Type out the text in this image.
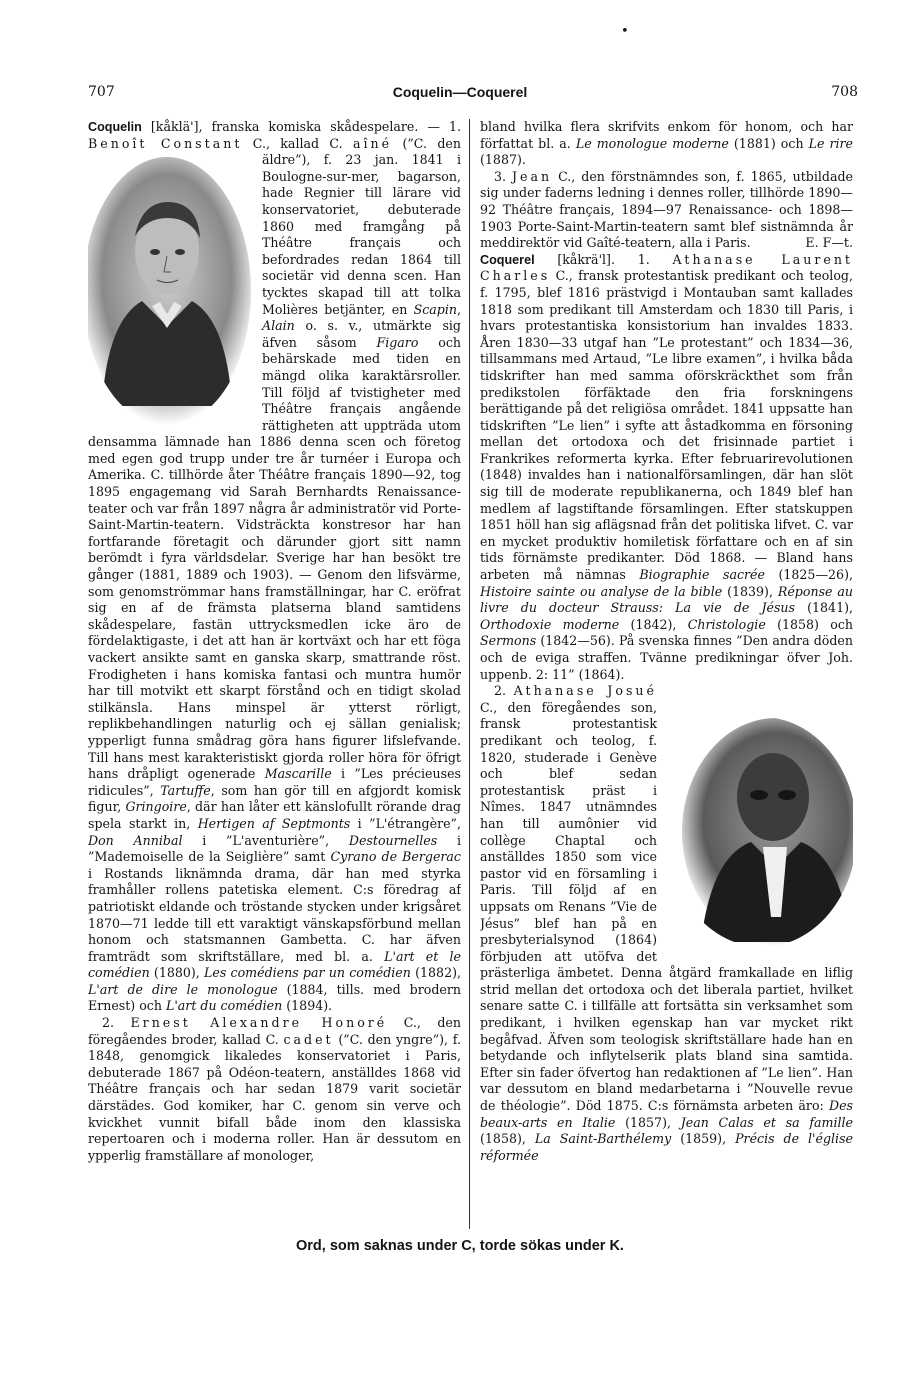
•
707	Coquelin—Coquerel	708

Coquelin [kåklä'], franska komiska skådespelare. — 1. Benoît Constant C., kallad C. aîné
(”C. den äldre”), f. 23 jan. 1841 i Boulogne-sur-mer, bagarson, hade Regnier till lärare vid konservatoriet, debuterade 1860 med framgång på Théâtre français och befordrades redan 1864 till societär vid denna scen. Han tycktes skapad till att tolka Molières betjänter, en Scapin, Alain o. s. v., utmärkte sig äfven såsom Figaro och behärskade med tiden en mängd olika karaktärsroller. Till följd af tvistigheter med Théâtre français angående rättigheten att uppträda utom densamma lämnade han 1886 denna scen och företog med egen god trupp under tre år turnéer i Europa och Amerika. C. tillhörde åter Théâtre français 1890—92, tog 1895 engagemang vid Sarah Bernhardts Renaissance-teater och var från 1897 några år administratör vid Porte-Saint-Martin-teatern. Vidsträckta konstresor har han fortfarande företagit och därunder gjort sitt namn berömdt i fyra världsdelar. Sverige har han besökt tre gånger (1881, 1889 och 1903). — Genom den lifsvärme, som genomströmmar hans framställningar, har C. eröfrat sig en af de främsta platserna bland samtidens skådespelare, fastän uttrycksmedlen icke äro de fördelaktigaste, i det att han är kortväxt och har ett föga vackert ansikte samt en ganska skarp, smattrande röst. Frodigheten i hans komiska fantasi och muntra humör har till motvikt ett skarpt förstånd och en tidigt skolad stilkänsla. Hans minspel är ytterst rörligt, replikbehandlingen naturlig och ej sällan genialisk; ypperligt funna smådrag göra hans figurer lifslefvande. Till hans mest karakteristiskt gjorda roller höra för öfrigt hans dråpligt ogenerade Mascarille i ”Les précieuses ridicules”, Tartuffe, som han gör till en afgjordt komisk figur, Gringoire, där han låter ett känslofullt rörande drag spela starkt in, Hertigen af Septmonts i ”L'étrangère”, Don Annibal i ”L'aventurière”, Destournelles i ”Mademoiselle de la Seiglière” samt Cyrano de Bergerac i Rostands liknämnda drama, där han med styrka framhåller rollens patetiska element. C:s föredrag af patriotiskt eldande och tröstande stycken under krigsåret 1870—71 ledde till ett varaktigt vänskapsförbund mellan honom och statsmannen Gambetta. C. har äfven framträdt som skriftställare, med bl. a. L'art et le comédien (1880), Les comédiens par un comédien (1882), L'art de dire le monologue (1884, tills. med brodern Ernest) och L'art du comédien (1894).

2. Ernest Alexandre Honoré C., den föregåendes broder, kallad C. cadet (”C. den yngre”), f. 1848, genomgick likaledes konservatoriet i Paris, debuterade 1867 på Odéon-teatern, anställdes 1868 vid Théâtre français och har sedan 1879 varit societär därstädes. God komiker, har C. genom sin verve och kvickhet vunnit bifall både inom den klassiska repertoaren och i moderna roller. Han är dessutom en ypperlig framställare af monologer,

bland hvilka flera skrifvits enkom för honom, och har författat bl. a. Le monologue moderne (1881) och Le rire (1887).

3. Jean C., den förstnämndes son, f. 1865, utbildade sig under faderns ledning i dennes roller, tillhörde 1890—92 Théâtre français, 1894—97 Renaissance- och 1898—1903 Porte-Saint-Martin-teatern samt blef sistnämnda år meddirektör vid Gaîté-teatern, alla i Paris.	E. F—t.

Coquerel [kåkrä'l]. 1. Athanase Laurent Charles C., fransk protestantisk predikant och teolog, f. 1795, blef 1816 prästvigd i Montauban samt kallades 1818 som predikant till Amsterdam och 1830 till Paris, i hvars protestantiska konsistorium han invaldes 1833. Åren 1830—33 utgaf han ”Le protestant” och 1834—36, tillsammans med Artaud, ”Le libre examen”, i hvilka båda tidskrifter han med samma oförskräckthet som från predikstolen förfäktade den fria forskningens berättigande på det religiösa området. 1841 uppsatte han tidskriften ”Le lien” i syfte att åstadkomma en försoning mellan det ortodoxa och det frisinnade partiet i Frankrikes reformerta kyrka. Efter februarirevolutionen (1848) invaldes han i nationalförsamlingen, där han slöt sig till de moderate republikanerna, och 1849 blef han medlem af lagstiftande församlingen. Efter statskuppen 1851 höll han sig aflägsnad från det politiska lifvet. C. var en mycket produktiv homiletisk författare och en af sin tids förnämste predikanter. Död 1868. — Bland hans arbeten må nämnas Biographie sacrée (1825—26), Histoire sainte ou analyse de la bible (1839), Réponse au livre du docteur Strauss: La vie de Jésus (1841), Orthodoxie moderne (1842), Christologie (1858) och Sermons (1842—56). På svenska finnes ”Den andra döden och de eviga straffen. Tvänne predikningar öfver Joh. uppenb. 2: 11” (1864).

2. Athanase Josué
C., den föregåendes son, fransk protestantisk predikant och teolog, f. 1820, studerade i Genève och blef sedan protestantisk präst i Nîmes. 1847 utnämndes han till aumônier vid collège Chaptal och anställdes 1850 som vice pastor vid en församling i Paris. Till följd af en uppsats om Renans ”Vie de Jésus” blef han på en presbyterialsynod (1864) förbjuden att utöfva det prästerliga ämbetet. Denna åtgärd framkallade en liflig strid mellan det ortodoxa och det liberala partiet, hvilket senare satte C. i tillfälle att fortsätta sin verksamhet som predikant, i hvilken egenskap han var mycket rikt begåfvad. Äfven som teologisk skriftställare hade han en betydande och inflytelserik plats bland sina samtida. Efter sin fader öfvertog han redaktionen af ”Le lien”. Han var dessutom en bland medarbetarna i ”Nouvelle revue de théologie”. Död 1875. C:s förnämsta arbeten äro: Des beaux-arts en Italie (1857), Jean Calas et sa famille (1858), La Saint-Barthélemy (1859), Précis de l'église réformée

Ord, som saknas under C, torde sökas under K.
